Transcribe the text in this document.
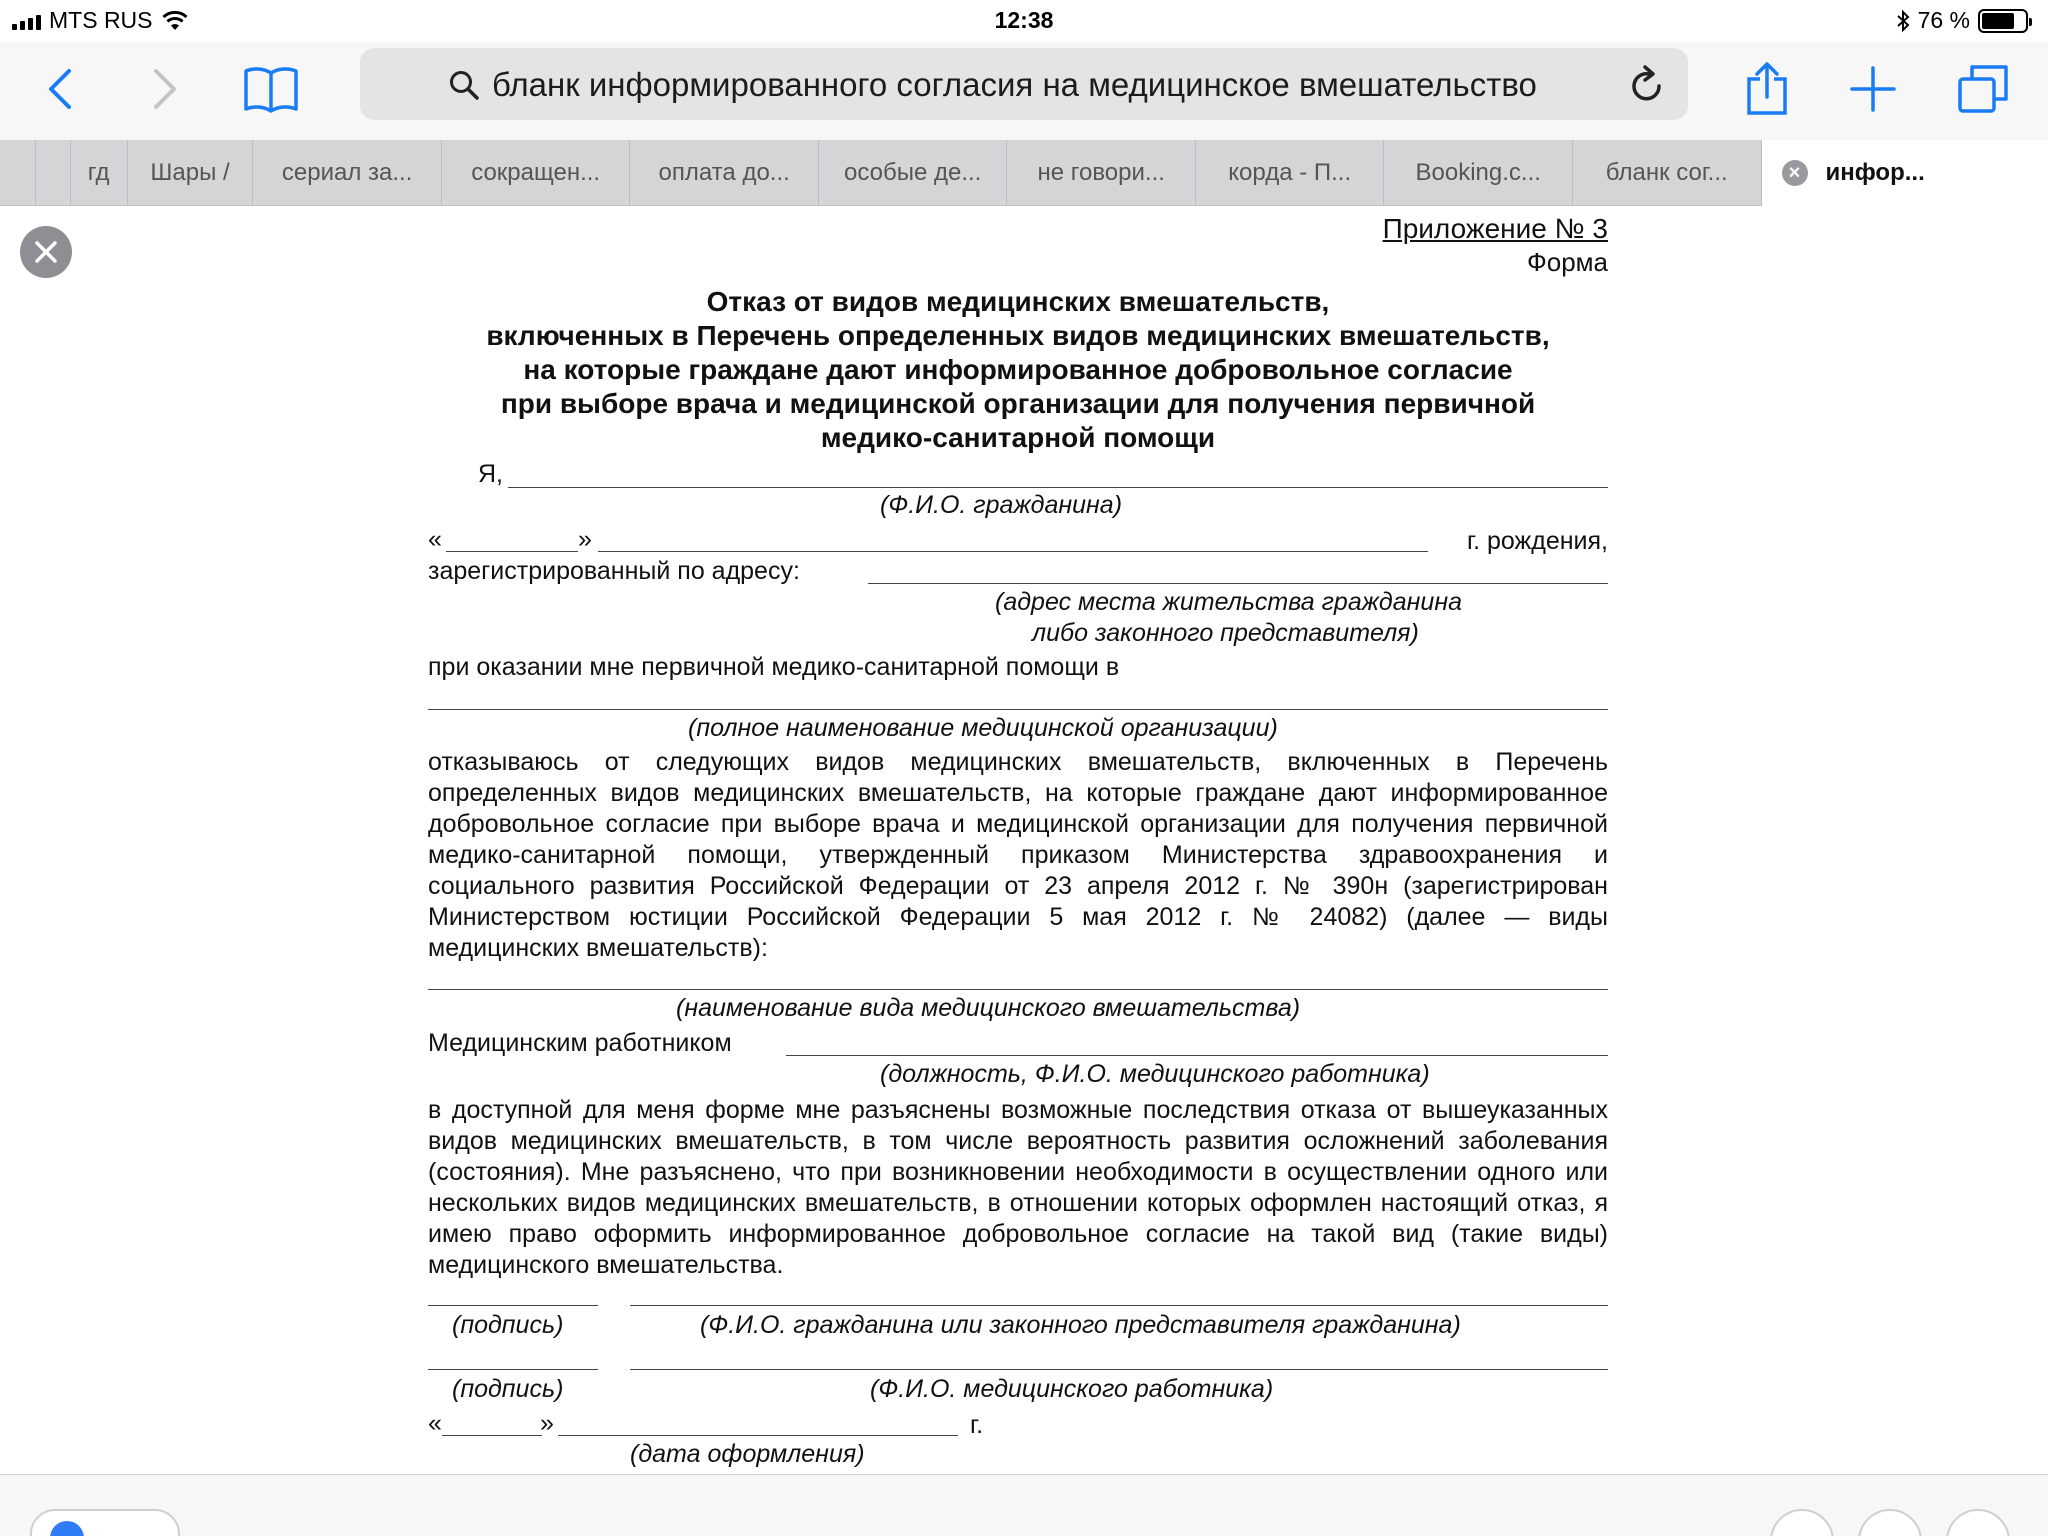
MTS RUS	12:38	76 %
бланк информированного согласия на медицинское вмешательство
гд Шары / сериал за... сокращен... оплата до... особые де... не говори...	корда - П...	Booking.c...	бланк сог...	× инфор...
Приложение № 3
Форма
Отказ от видов медицинских вмешательств,
включенных в Перечень определенных видов медицинских вмешательств,
на которые граждане дают информированное добровольное согласие
при выборе врача и медицинской организации для получения первичной
медико-санитарной помощи
Я,
(Ф.И.О. гражданина)
«	»	г. рождения,
зарегистрированный по адресу:
(адрес места жительства гражданина
либо законного представителя)
при оказании мне первичной медико-санитарной помощи в
(полное наименование медицинской организации)
отказываюсь от следующих видов медицинских вмешательств, включенных в Перечень определенных видов медицинских вмешательств, на которые граждане дают информированное добровольное согласие при выборе врача и медицинской организации для получения первичной медико-санитарной помощи, утвержденный приказом Министерства здравоохранения и социального развития Российской Федерации от 23 апреля 2012 г. № 390н (зарегистрирован Министерством юстиции Российской Федерации 5 мая 2012 г. № 24082) (далее — виды медицинских вмешательств):
(наименование вида медицинского вмешательства)
Медицинским работником
(должность, Ф.И.О. медицинского работника)
в доступной для меня форме мне разъяснены возможные последствия отказа от вышеуказанных видов медицинских вмешательств, в том числе вероятность развития осложнений заболевания (состояния). Мне разъяснено, что при возникновении необходимости в осуществлении одного или нескольких видов медицинских вмешательств, в отношении которых оформлен настоящий отказ, я имею право оформить информированное добровольное согласие на такой вид (такие виды) медицинского вмешательства.
(подпись)	(Ф.И.О. гражданина или законного представителя гражданина)
(подпись)	(Ф.И.О. медицинского работника)
«	»	г.
(дата оформления)
